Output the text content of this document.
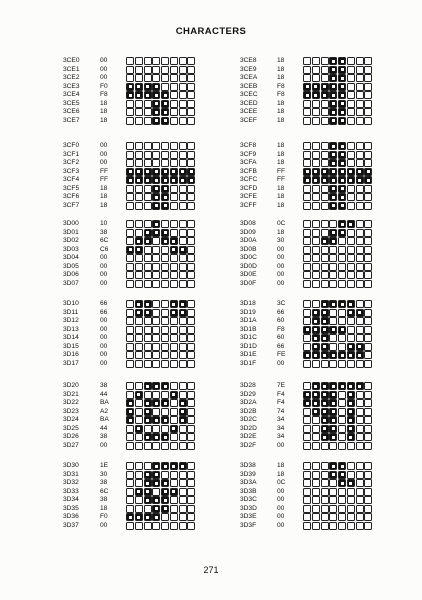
CHARACTERS
3CE0	00
3CE1	00
3CE2	00
3CE3	F0
3CE4	F8
3CE5	18
3CE6	18
3CE7	18
3CE8	18
3CE9	18
3CEA	18
3CEB	F8
3CEC	F8
3CED	18
3CEE	18
3CEF	18
3CF0	00
3CF1	00
3CF2	00
3CF3	FF
3CF4	FF
3CF5	18
3CF6	18
3CF7	18
3CF8	18
3CF9	18
3CFA	18
3CFB	FF
3CFC	FF
3CFD	18
3CFE	18
3CFF	18
3D00	10
3D01	38
3D02	6C
3D03	C6
3D04	00
3D05	00
3D06	00
3D07	00
3D08	0C
3D09	18
3D0A	30
3D0B	00
3D0C	00
3D0D	00
3D0E	00
3D0F	00
3D10	66
3D11	66
3D12	00
3D13	00
3D14	00
3D15	00
3D16	00
3D17	00
3D18	3C
3D19	66
3D1A	60
3D1B	F8
3D1C	60
3D1D	66
3D1E	FE
3D1F	00
3D20	38
3D21	44
3D22	BA
3D23	A2
3D24	BA
3D25	44
3D26	38
3D27	00
3D28	7E
3D29	F4
3D2A	F4
3D2B	74
3D2C	34
3D2D	34
3D2E	34
3D2F	00
3D30	1E
3D31	30
3D32	38
3D33	6C
3D34	38
3D35	18
3D36	F0
3D37	00
3D38	18
3D39	18
3D3A	0C
3D3B	00
3D3C	00
3D3D	00
3D3E	00
3D3F	00
271
